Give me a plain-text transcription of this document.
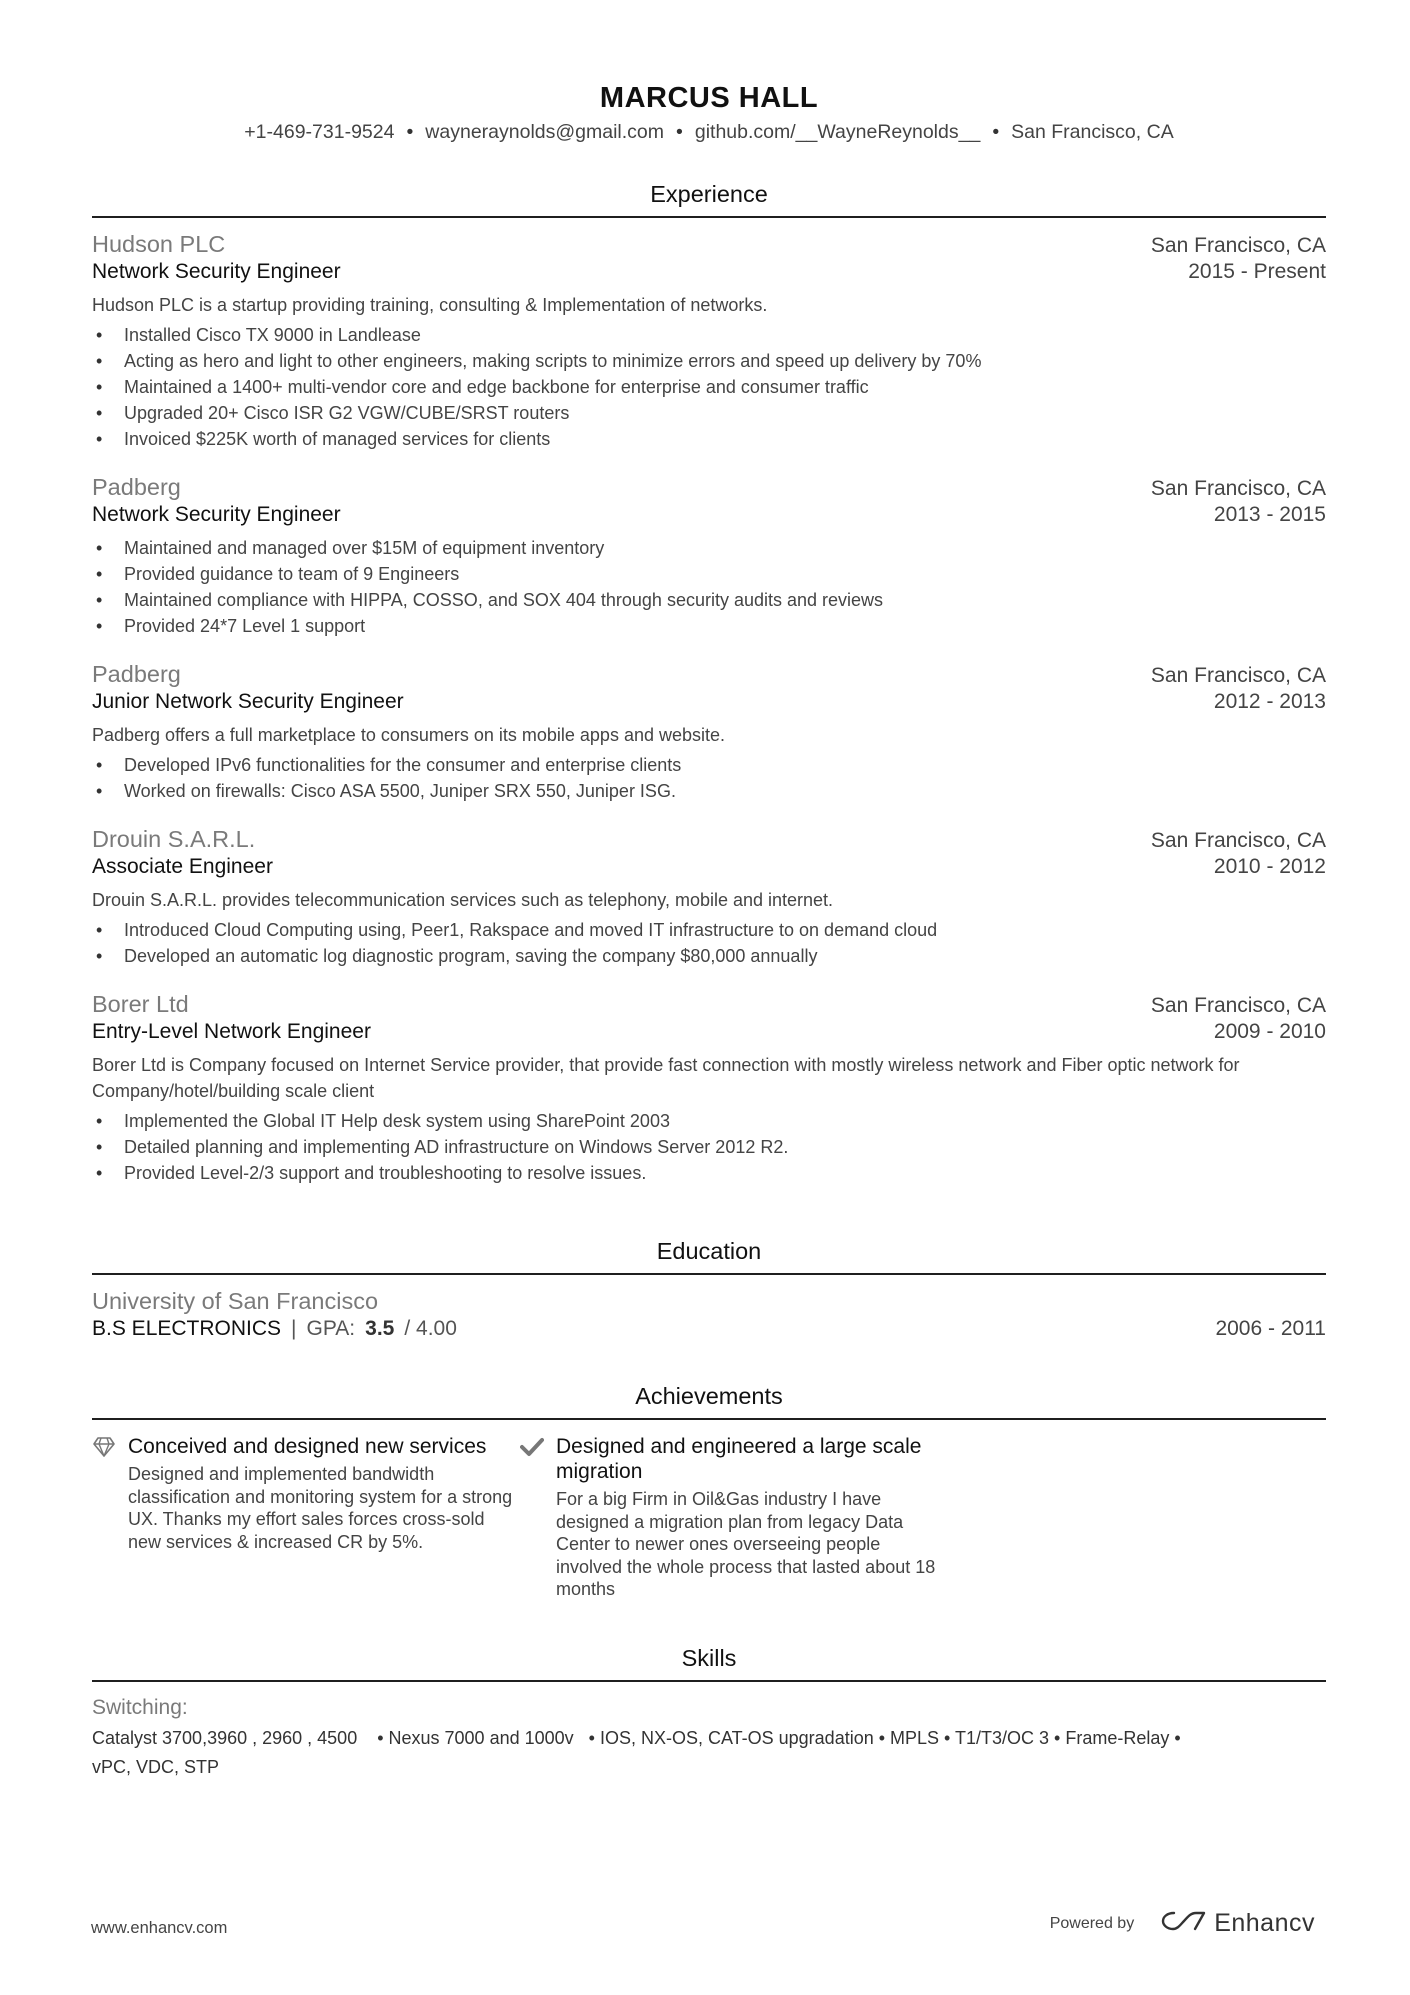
MARCUS HALL
+1-469-731-9524 • wayneraynolds@gmail.com • github.com/__WayneReynolds__ • San Francisco, CA
Experience
Hudson PLC	San Francisco, CA
Network Security Engineer	2015 - Present
Hudson PLC is a startup providing training, consulting & Implementation of networks.
• Installed Cisco TX 9000 in Landlease
• Acting as hero and light to other engineers, making scripts to minimize errors and speed up delivery by 70%
• Maintained a 1400+ multi-vendor core and edge backbone for enterprise and consumer traffic
• Upgraded 20+ Cisco ISR G2 VGW/CUBE/SRST routers
• Invoiced $225K worth of managed services for clients
Padberg	San Francisco, CA
Network Security Engineer	2013 - 2015
• Maintained and managed over $15M of equipment inventory
• Provided guidance to team of 9 Engineers
• Maintained compliance with HIPPA, COSSO, and SOX 404 through security audits and reviews
• Provided 24*7 Level 1 support
Padberg	San Francisco, CA
Junior Network Security Engineer	2012 - 2013
Padberg offers a full marketplace to consumers on its mobile apps and website.
• Developed IPv6 functionalities for the consumer and enterprise clients
• Worked on firewalls: Cisco ASA 5500, Juniper SRX 550, Juniper ISG.
Drouin S.A.R.L.	San Francisco, CA
Associate Engineer	2010 - 2012
Drouin S.A.R.L. provides telecommunication services such as telephony, mobile and internet.
• Introduced Cloud Computing using, Peer1, Rakspace and moved IT infrastructure to on demand cloud
• Developed an automatic log diagnostic program, saving the company $80,000 annually
Borer Ltd	San Francisco, CA
Entry-Level Network Engineer	2009 - 2010
Borer Ltd is Company focused on Internet Service provider, that provide fast connection with mostly wireless network and Fiber optic network for Company/hotel/building scale client
• Implemented the Global IT Help desk system using SharePoint 2003
• Detailed planning and implementing AD infrastructure on Windows Server 2012 R2.
• Provided Level-2/3 support and troubleshooting to resolve issues.
Education
University of San Francisco
B.S ELECTRONICS | GPA: 3.5 / 4.00	2006 - 2011
Achievements
Conceived and designed new services
Designed and implemented bandwidth classification and monitoring system for a strong UX. Thanks my effort sales forces cross-sold new services & increased CR by 5%.
Designed and engineered a large scale migration
For a big Firm in Oil&Gas industry I have designed a migration plan from legacy Data Center to newer ones overseeing people involved the whole process that lasted about 18 months
Skills
Switching:
Catalyst 3700,3960 , 2960 , 4500    • Nexus 7000 and 1000v   • IOS, NX-OS, CAT-OS upgradation • MPLS • T1/T3/OC 3 • Frame-Relay •
vPC, VDC, STP
www.enhancv.com	Powered by	Enhancv
